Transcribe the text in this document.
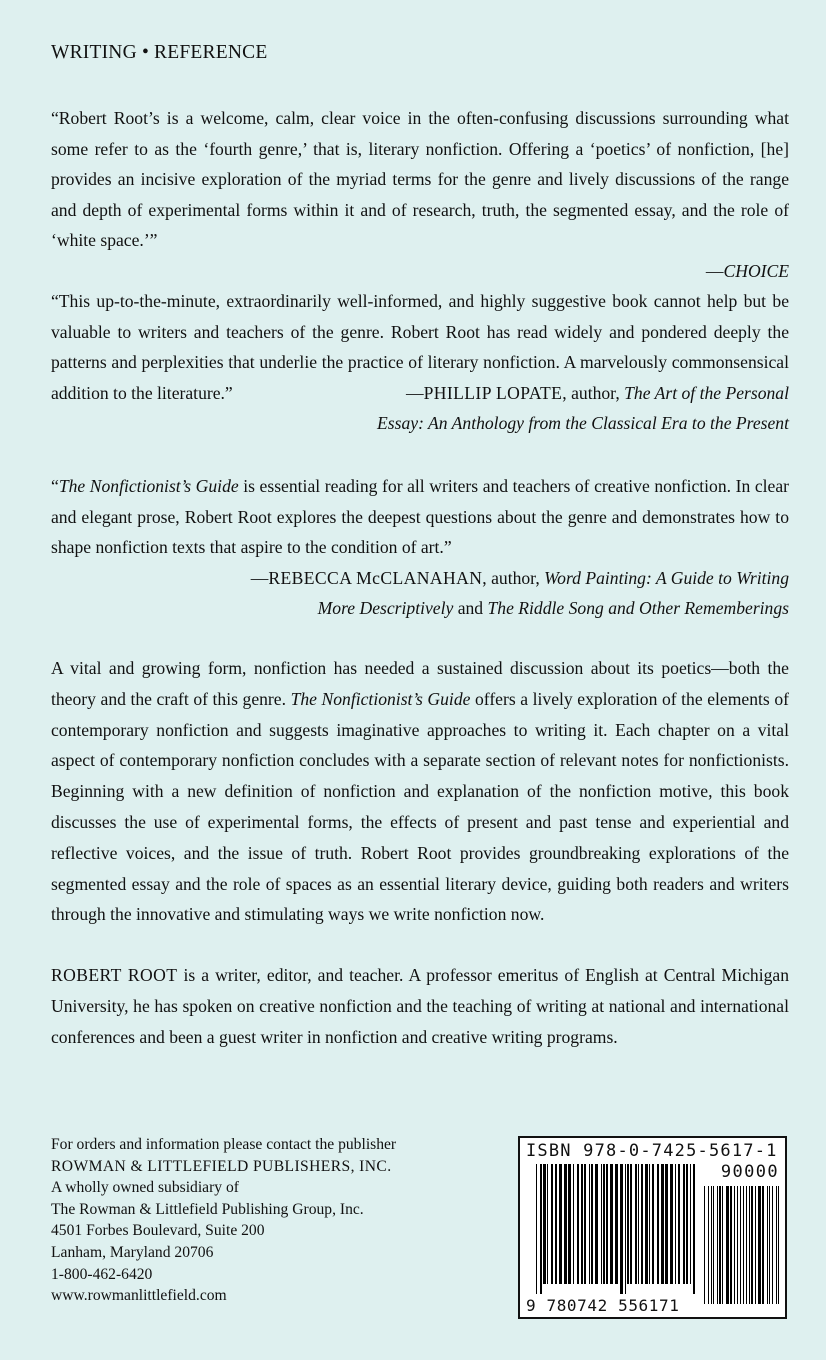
WRITING • REFERENCE

“Robert Root’s is a welcome, calm, clear voice in the often-confusing discussions surrounding what some refer to as the ‘fourth genre,’ that is, literary nonfiction. Offering a ‘poetics’ of nonfiction, [he] provides an incisive exploration of the myriad terms for the genre and lively discussions of the range and depth of experimental forms within it and of research, truth, the segmented essay, and the role of ‘white space.’”

—CHOICE

“This up-to-the-minute, extraordinarily well-informed, and highly suggestive book cannot help but be valuable to writers and teachers of the genre. Robert Root has read widely and pondered deeply the patterns and perplexities that underlie the practice of literary nonfiction. A marvelously commonsensical addition to the literature.”	—PHILLIP LOPATE, author, The Art of the Personal

Essay: An Anthology from the Classical Era to the Present

“The Nonfictionist’s Guide is essential reading for all writers and teachers of creative nonfiction. In clear and elegant prose, Robert Root explores the deepest questions about the genre and demonstrates how to shape nonfiction texts that aspire to the condition of art.”

—REBECCA McCLANAHAN, author, Word Painting: A Guide to Writing
More Descriptively and The Riddle Song and Other Rememberings

A vital and growing form, nonfiction has needed a sustained discussion about its poetics—both the theory and the craft of this genre. The Nonfictionist’s Guide offers a lively exploration of the elements of contemporary nonfiction and suggests imaginative approaches to writing it. Each chapter on a vital aspect of contemporary nonfiction concludes with a separate section of relevant notes for nonfictionists. Beginning with a new definition of nonfiction and explanation of the nonfiction motive, this book discusses the use of experimental forms, the effects of present and past tense and experiential and reflective voices, and the issue of truth. Robert Root provides groundbreaking explorations of the segmented essay and the role of spaces as an essential literary device, guiding both readers and writers through the innovative and stimulating ways we write nonfiction now.

ROBERT ROOT is a writer, editor, and teacher. A professor emeritus of English at Central Michigan University, he has spoken on creative nonfiction and the teaching of writing at national and international conferences and been a guest writer in nonfiction and creative writing programs.

For orders and information please contact the publisher
ROWMAN & LITTLEFIELD PUBLISHERS, INC.
A wholly owned subsidiary of
The Rowman & Littlefield Publishing Group, Inc.
4501 Forbes Boulevard, Suite 200
Lanham, Maryland 20706
1-800-462-6420
www.rowmanlittlefield.com
ISBN 978-0-7425-5617-1
90000
9 780742 556171
